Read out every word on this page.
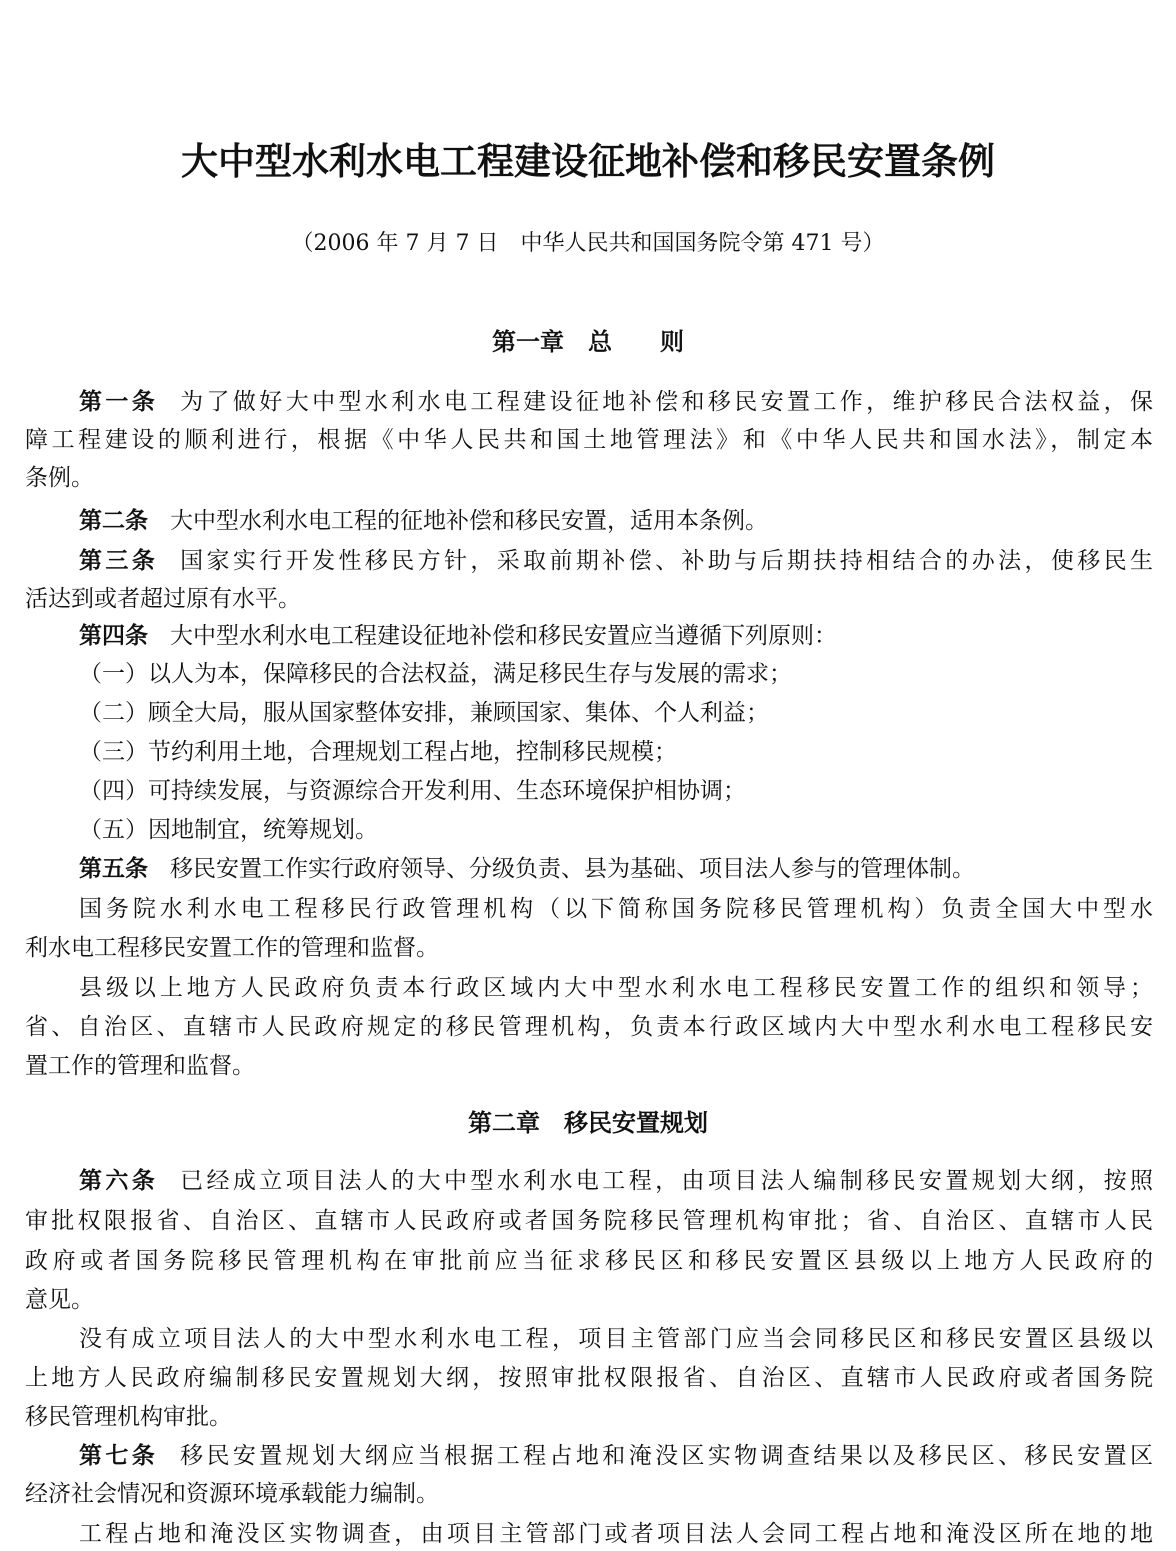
大中型水利水电工程建设征地补偿和移民安置条例
（2006 年 7 月 7 日　中华人民共和国国务院令第 471 号）
第一章　总　　则
第一条 为了做好大中型水利水电工程建设征地补偿和移民安置工作，维护移民合法权益，保
障工程建设的顺利进行，根据《中华人民共和国土地管理法》和《中华人民共和国水法》，制定本
条例。
第二条 大中型水利水电工程的征地补偿和移民安置，适用本条例。
第三条 国家实行开发性移民方针，采取前期补偿、补助与后期扶持相结合的办法，使移民生
活达到或者超过原有水平。
第四条 大中型水利水电工程建设征地补偿和移民安置应当遵循下列原则：
（一）以人为本，保障移民的合法权益，满足移民生存与发展的需求；
（二）顾全大局，服从国家整体安排，兼顾国家、集体、个人利益；
（三）节约利用土地，合理规划工程占地，控制移民规模；
（四）可持续发展，与资源综合开发利用、生态环境保护相协调；
（五）因地制宜，统筹规划。
第五条 移民安置工作实行政府领导、分级负责、县为基础、项目法人参与的管理体制。
国务院水利水电工程移民行政管理机构（以下简称国务院移民管理机构）负责全国大中型水
利水电工程移民安置工作的管理和监督。
县级以上地方人民政府负责本行政区域内大中型水利水电工程移民安置工作的组织和领导；
省、自治区、直辖市人民政府规定的移民管理机构，负责本行政区域内大中型水利水电工程移民安
置工作的管理和监督。
第二章　移民安置规划
第六条 已经成立项目法人的大中型水利水电工程，由项目法人编制移民安置规划大纲，按照
审批权限报省、自治区、直辖市人民政府或者国务院移民管理机构审批；省、自治区、直辖市人民
政府或者国务院移民管理机构在审批前应当征求移民区和移民安置区县级以上地方人民政府的
意见。
没有成立项目法人的大中型水利水电工程，项目主管部门应当会同移民区和移民安置区县级以
上地方人民政府编制移民安置规划大纲，按照审批权限报省、自治区、直辖市人民政府或者国务院
移民管理机构审批。
第七条 移民安置规划大纲应当根据工程占地和淹没区实物调查结果以及移民区、移民安置区
经济社会情况和资源环境承载能力编制。
工程占地和淹没区实物调查，由项目主管部门或者项目法人会同工程占地和淹没区所在地的地
